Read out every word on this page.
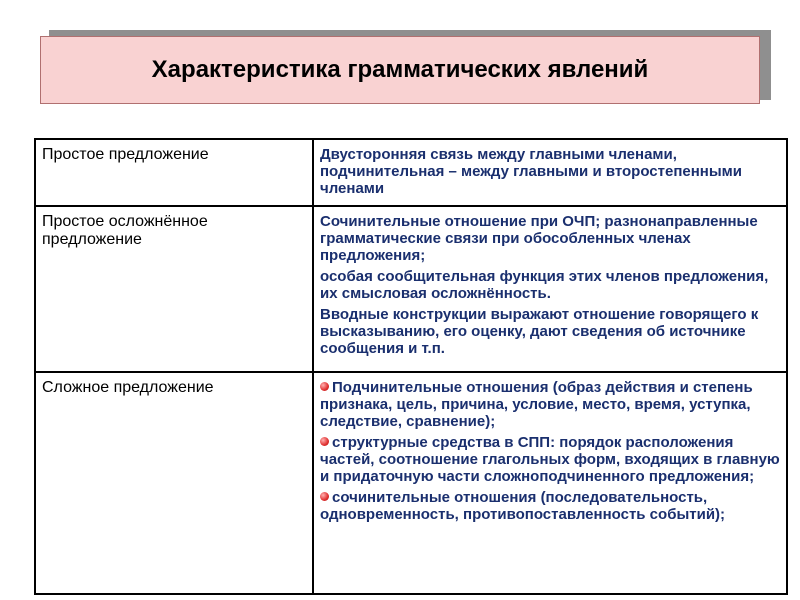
Характеристика грамматических явлений
Простое предложение	Двусторонняя связь между главными членами, подчинительная – между главными и второстепенными членами

Простое осложнённое предложение	Сочинительные отношение при ОЧП; разнонаправленные грамматические связи при обособленных членах предложения;

особая сообщительная функция этих членов предложения, их смысловая осложнённость.

Вводные конструкции выражают отношение говорящего к высказыванию, его оценку, дают сведения об источнике сообщения и т.п.

Сложное предложение	Подчинительные отношения (образ действия и степень признака, цель, причина, условие, место, время, уступка, следствие, сравнение);

структурные средства в СПП: порядок расположения частей, соотношение глагольных форм, входящих в главную и придаточную части сложноподчиненного предложения;

сочинительные отношения (последовательность, одновременность, противопоставленность событий);
